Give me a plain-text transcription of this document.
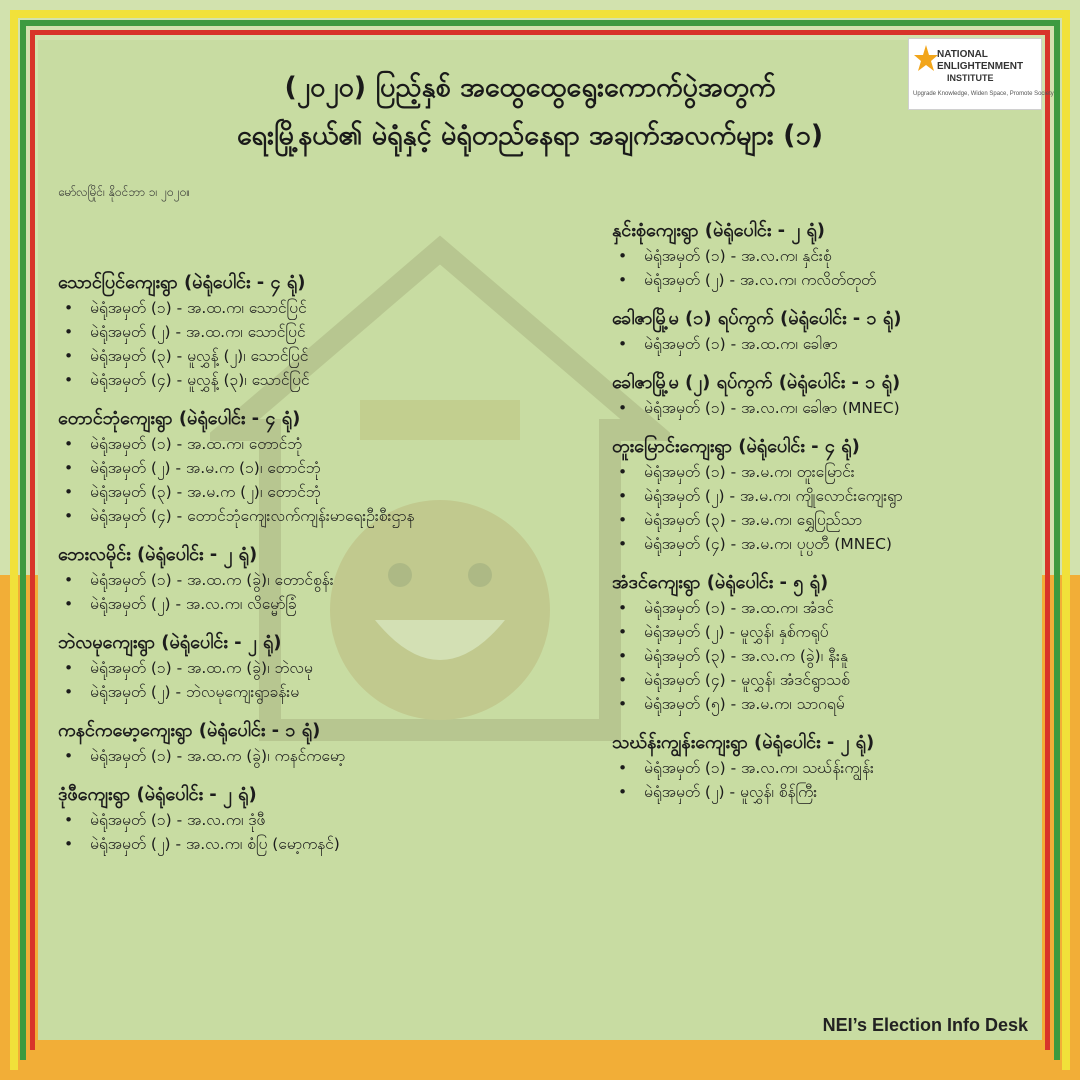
NATIONAL
ENLIGHTENMENT
INSTITUTE
Upgrade Knowledge, Widen Space, Promote Society
(၂၀၂၀) ပြည့်နှစ် အထွေထွေရွေးကောက်ပွဲအတွက်
ရေးမြို့နယ်၏ မဲရုံနှင့် မဲရုံတည်နေရာ အချက်အလက်များ (၁)
မော်လမြိုင်၊ နိုဝင်ဘာ ၁၊ ၂၀၂၀။
သောင်ပြင်ကျေးရွာ (မဲရုံပေါင်း - ၄ ရုံ)
•	မဲရုံအမှတ် (၁) - အ.ထ.က၊ သောင်ပြင်
•	မဲရုံအမှတ် (၂) - အ.ထ.က၊ သောင်ပြင်
•	မဲရုံအမှတ် (၃) - မူလွှန့် (၂)၊ သောင်ပြင်
•	မဲရုံအမှတ် (၄) - မူလွှန့် (၃)၊ သောင်ပြင်
တောင်ဘုံကျေးရွာ (မဲရုံပေါင်း - ၄ ရုံ)
•	မဲရုံအမှတ် (၁) - အ.ထ.က၊ တောင်ဘုံ
•	မဲရုံအမှတ် (၂) - အ.မ.က (၁)၊ တောင်ဘုံ
•	မဲရုံအမှတ် (၃) - အ.မ.က (၂)၊ တောင်ဘုံ
•	မဲရုံအမှတ် (၄) - တောင်ဘုံကျေးလက်ကျန်းမာရေးဦးစီးဌာန
ဘေးလမိုင်း (မဲရုံပေါင်း - ၂ ရုံ)
•	မဲရုံအမှတ် (၁) - အ.ထ.က (ခွဲ)၊ တောင်စွန်း
•	မဲရုံအမှတ် (၂) - အ.လ.က၊ လိမ္မော်ခြံ
ဘဲလမုကျေးရွာ (မဲရုံပေါင်း - ၂ ရုံ)
•	မဲရုံအမှတ် (၁) - အ.ထ.က (ခွဲ)၊ ဘဲလမု
•	မဲရုံအမှတ် (၂) - ဘဲလမုကျေးရွာခန်းမ
ကနင်ကမော့ကျေးရွာ (မဲရုံပေါင်း - ၁ ရုံ)
•	မဲရုံအမှတ် (၁) - အ.ထ.က (ခွဲ)၊ ကနင်ကမော့
ဒုံဖီကျေးရွာ (မဲရုံပေါင်း - ၂ ရုံ)
•	မဲရုံအမှတ် (၁) - အ.လ.က၊ ဒုံဖီ
•	မဲရုံအမှတ် (၂) - အ.လ.က၊ စံပြ (မော့ကနင်)
နှင်းစုံကျေးရွာ (မဲရုံပေါင်း - ၂ ရုံ)
•	မဲရုံအမှတ် (၁) - အ.လ.က၊ နှင်းစုံ
•	မဲရုံအမှတ် (၂) - အ.လ.က၊ ကလိတ်တုတ်
ခေါဇာမြို့မ (၁) ရပ်ကွက် (မဲရုံပေါင်း - ၁ ရုံ)
•	မဲရုံအမှတ် (၁) - အ.ထ.က၊ ခေါဇာ
ခေါဇာမြို့မ (၂) ရပ်ကွက် (မဲရုံပေါင်း - ၁ ရုံ)
•	မဲရုံအမှတ် (၁) - အ.လ.က၊ ခေါဇာ (MNEC)
တူးမြောင်းကျေးရွာ (မဲရုံပေါင်း - ၄ ရုံ)
•	မဲရုံအမှတ် (၁) - အ.မ.က၊ တူးမြောင်း
•	မဲရုံအမှတ် (၂) - အ.မ.က၊ ကျိုလောင်းကျေးရွာ
•	မဲရုံအမှတ် (၃) - အ.မ.က၊ ရွှေပြည်သာ
•	မဲရုံအမှတ် (၄) - အ.မ.က၊ ပုပ္ပတီ (MNEC)
အံဒင်ကျေးရွာ (မဲရုံပေါင်း - ၅ ရုံ)
•	မဲရုံအမှတ် (၁) - အ.ထ.က၊ အံဒင်
•	မဲရုံအမှတ် (၂) - မူလွှန်၊ နှစ်ကရုပ်
•	မဲရုံအမှတ် (၃) - အ.လ.က (ခွဲ)၊ နီးနူ
•	မဲရုံအမှတ် (၄) - မူလွှန်၊ အံဒင်ရွာသစ်
•	မဲရုံအမှတ် (၅) - အ.မ.က၊ သာဂရမ်
သဃ်န်းကျွန်းကျေးရွာ (မဲရုံပေါင်း - ၂ ရုံ)
•	မဲရုံအမှတ် (၁) - အ.လ.က၊ သဃ်န်းကျွန်း
•	မဲရုံအမှတ် (၂) - မူလွှန်၊ စိန်ကြီး
NEI’s Election Info Desk
